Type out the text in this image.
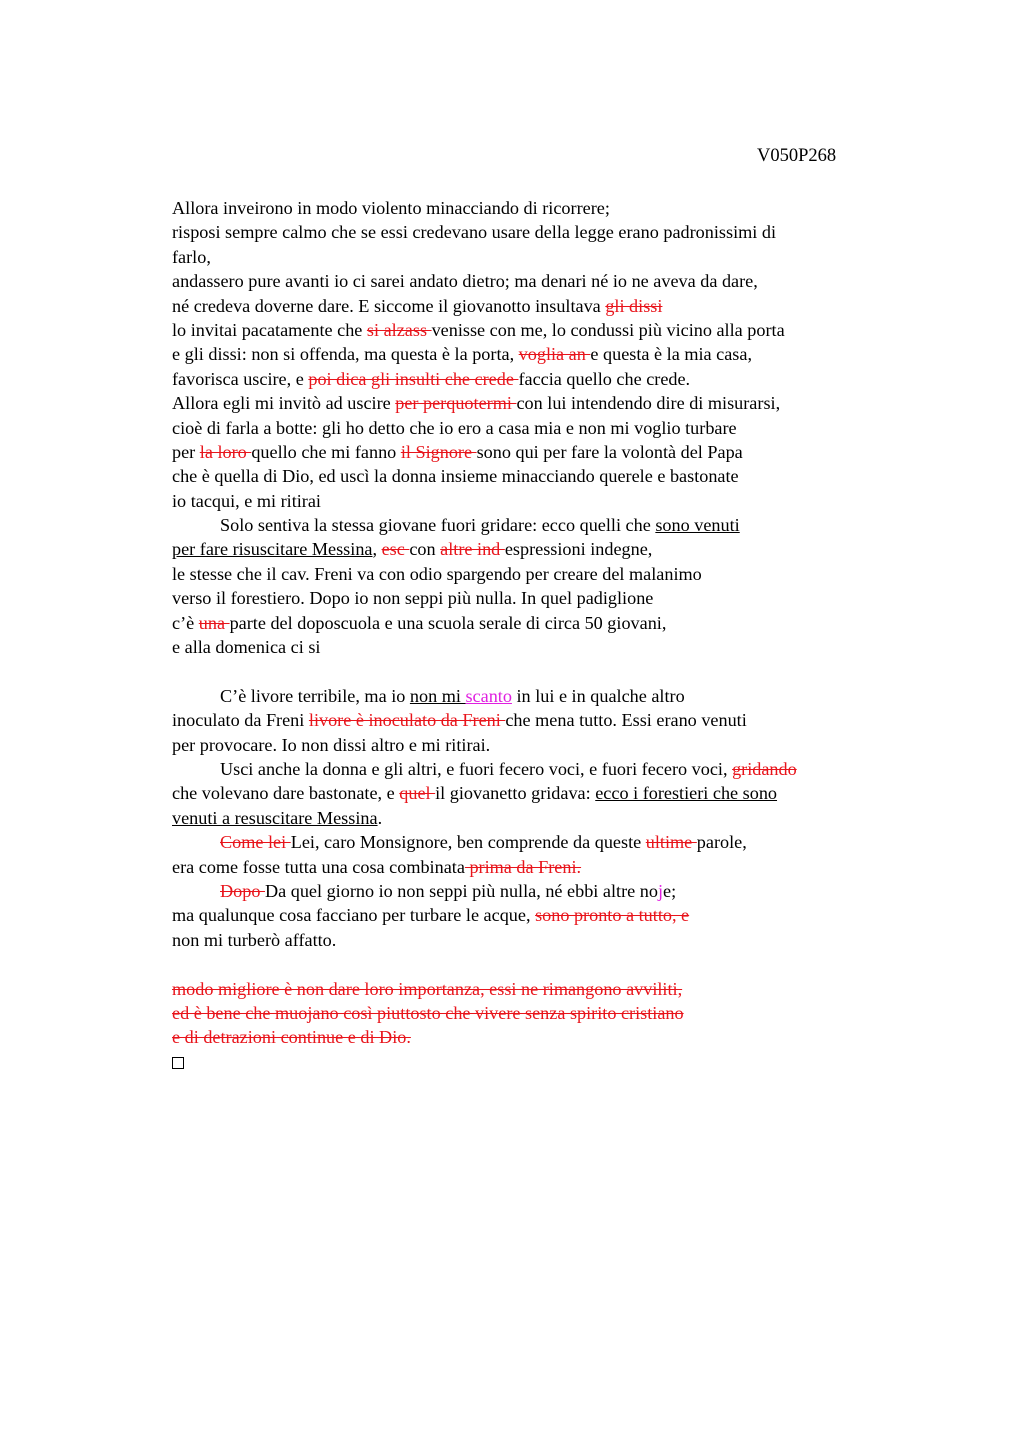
V050P268
Allora inveirono in modo violento minacciando di ricorrere;
risposi sempre calmo che se essi credevano usare della legge erano padronissimi di
farlo,
andassero pure avanti io ci sarei andato dietro; ma denari né io ne aveva da dare,
né credeva doverne dare. E siccome il giovanotto insultava gli dissi
lo invitai pacatamente che si alzass venisse con me, lo condussi più vicino alla porta
e gli dissi: non si offenda, ma questa è la porta, voglia an e questa è la mia casa,
favorisca uscire, e poi dica gli insulti che crede faccia quello che crede.
Allora egli mi invitò ad uscire per perquotermi con lui intendendo dire di misurarsi,
cioè di farla a botte: gli ho detto che io ero a casa mia e non mi voglio turbare
per la loro quello che mi fanno il Signore sono qui per fare la volontà del Papa
che è quella di Dio, ed uscì la donna insieme minacciando querele e bastonate
io tacqui, e mi ritirai
Solo sentiva la stessa giovane fuori gridare: ecco quelli che sono venuti
per fare risuscitare Messina, esc con altre ind espressioni indegne,
le stesse che il cav. Freni va con odio spargendo per creare del malanimo
verso il forestiero. Dopo io non seppi più nulla. In quel padiglione
c’è una parte del doposcuola e una scuola serale di circa 50 giovani,
e alla domenica ci si
C’è livore terribile, ma io non mi scanto in lui e in qualche altro
inoculato da Freni livore è inoculato da Freni che mena tutto. Essi erano venuti
per provocare. Io non dissi altro e mi ritirai.
Usci anche la donna e gli altri, e fuori fecero voci, e fuori fecero voci, gridando
che volevano dare bastonate, e quel il giovanetto gridava: ecco i forestieri che sono
venuti a resuscitare Messina.
Come lei Lei, caro Monsignore, ben comprende da queste ultime parole,
era come fosse tutta una cosa combinata prima da Freni.
Dopo Da quel giorno io non seppi più nulla, né ebbi altre noje;
ma qualunque cosa facciano per turbare le acque, sono pronto a tutto, e
non mi turberò affatto.
modo migliore è non dare loro importanza, essi ne rimangono avviliti,
ed è bene che muojano così piuttosto che vivere senza spirito cristiano
e di detrazioni continue e di Dio.
